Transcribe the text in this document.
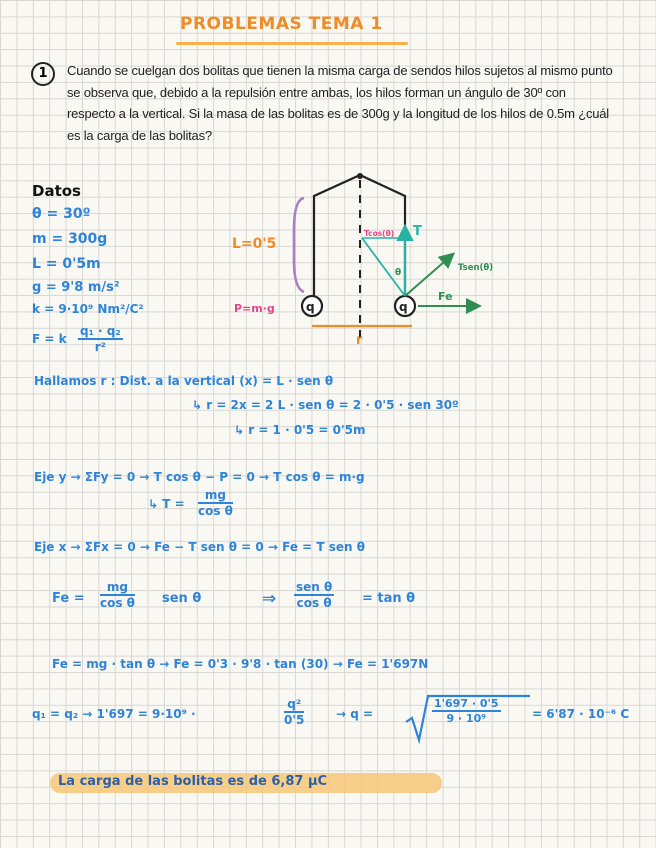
PROBLEMAS TEMA 1
1	Cuando se cuelgan dos bolitas que tienen la misma carga de sendos hilos sujetos al mismo punto se observa que, debido a la repulsión entre ambas, los hilos forman un ángulo de 30º con respecto a la vertical. Si la masa de las bolitas es de 300g y la longitud de los hilos de 0.5m ¿cuál es la carga de las bolitas?
Datos
θ = 30º
m = 300g
L = 0'5m
g = 9'8 m/s²
k = 9·10⁹ Nm²/C²
F = k $\frac{\text{q₁ · q₂}}{\text{r²}}$
L=0'5
P=m·g	q	q
Fe
T
Tcos(θ)
θ	Tsen(θ)
r
Hallamos r : Dist. a la vertical (x) = L · sen θ
↳ r = 2x = 2 L · sen θ = 2 · 0'5 · sen 30º
↳ r = 1 · 0'5 = 0'5m
Eje y → ΣFy = 0 → T cos θ − P = 0 → T cos θ = m·g
↳ $T = \frac{mg}{\text{cos θ}}$
Eje x → ΣFx = 0 → Fe − T sen θ = 0 → Fe = T sen θ
$Fe = \frac{mg}{\text{cos θ}}$ sen θ	⇒
sen θ
cos θ = tan θ
Fe = mg · tan θ → Fe = 0'3 · 9'8 · tan (30) → Fe = 1'697N
q₁ = q₂ → 1'697 = 9·10⁹ ·	$\frac{\text{q²}}{0'5}$	→ q =	$\frac{1'697 \cdot 0'5}{\text{9 · 10⁹}}$	= 6'87 · 10⁻⁶ C
La carga de las bolitas es de 6,87 μC
